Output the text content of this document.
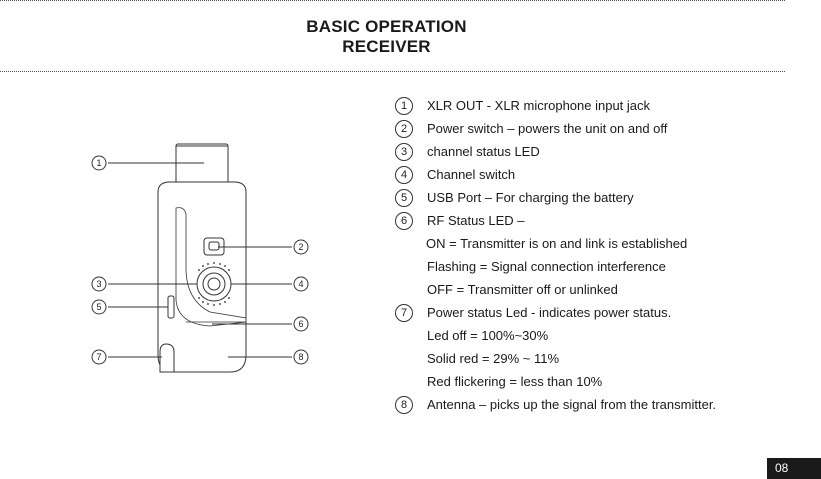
BASIC OPERATION
RECEIVER
1
2
3	4
5
6
7	8
1	XLR OUT - XLR microphone input jack
2	Power switch – powers the unit on and off
3	channel status LED
4	Channel switch
5	USB Port – For charging the battery
6	RF Status LED –
ON = Transmitter is on and link is established
Flashing = Signal connection interference
OFF = Transmitter off or unlinked
7	Power status Led - indicates power status.
Led off = 100%~30%
Solid red = 29% ~ 11%
Red flickering = less than 10%
8	Antenna – picks up the signal from the transmitter.
08
